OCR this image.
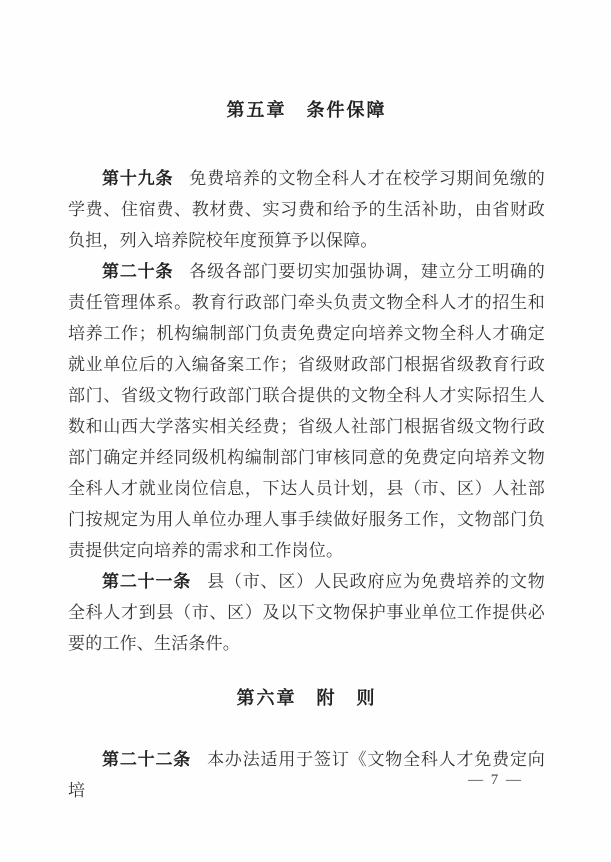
第五章　条件保障

第十九条 免费培养的文物全科人才在校学习期间免缴的学费、住宿费、教材费、实习费和给予的生活补助，由省财政负担，列入培养院校年度预算予以保障。

第二十条 各级各部门要切实加强协调，建立分工明确的责任管理体系。教育行政部门牵头负责文物全科人才的招生和培养工作；机构编制部门负责免费定向培养文物全科人才确定就业单位后的入编备案工作；省级财政部门根据省级教育行政部门、省级文物行政部门联合提供的文物全科人才实际招生人数和山西大学落实相关经费；省级人社部门根据省级文物行政部门确定并经同级机构编制部门审核同意的免费定向培养文物全科人才就业岗位信息，下达人员计划，县（市、区）人社部门按规定为用人单位办理人事手续做好服务工作，文物部门负责提供定向培养的需求和工作岗位。

第二十一条 县（市、区）人民政府应为免费培养的文物全科人才到县（市、区）及以下文物保护事业单位工作提供必要的工作、生活条件。

第六章　附　则

第二十二条 本办法适用于签订《文物全科人才免费定向培

— 7 —
